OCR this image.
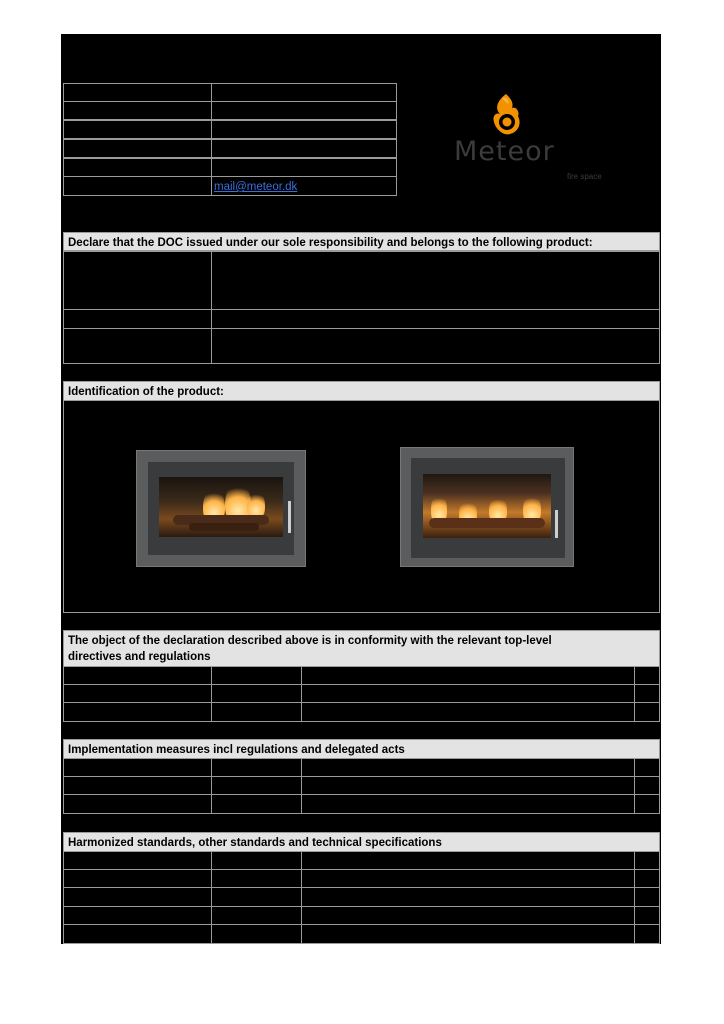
mail@meteor.dk
Meteor
fire space
Declare that the DOC issued under our sole responsibility and belongs to the following product:
Identification of the product:
The object of the declaration described above is in conformity with the relevant top-level
directives and regulations
Implementation measures incl regulations and delegated acts
Harmonized standards, other standards and technical specifications
